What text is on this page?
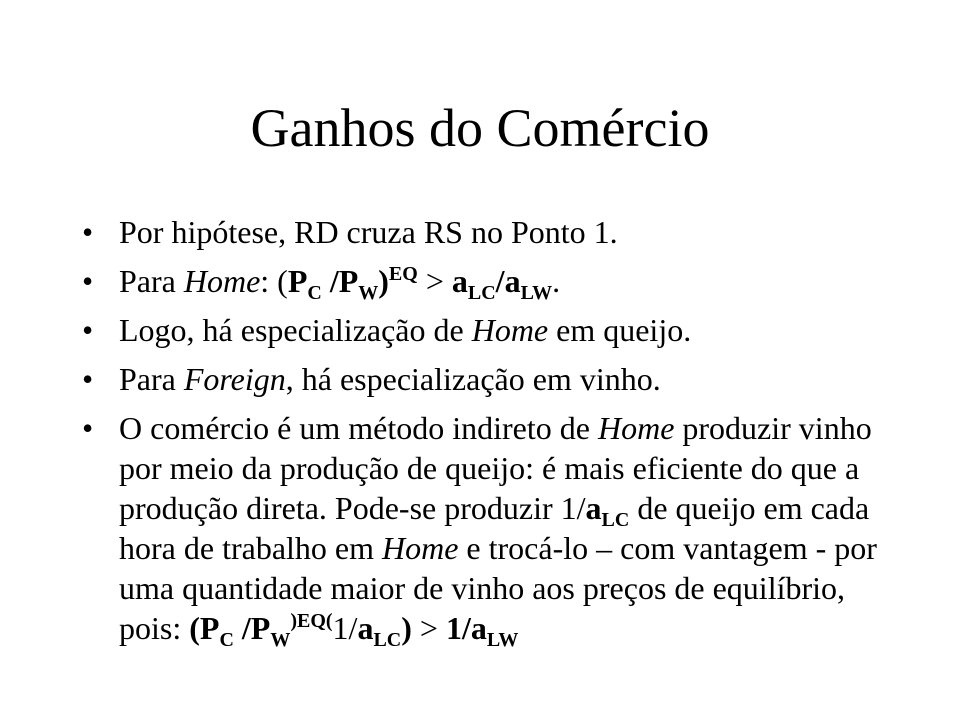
Ganhos do Comércio
• Por hipótese, RD cruza RS no Ponto 1.
• Para Home: ($P_C$ $/P_W)^{EQ} > a_{LC}/a_{LW}$.
• Logo, há especialização de Home em queijo.
• Para Foreign, há especialização em vinho.
• O comércio é um método indireto de Home produzir vinho por meio da produção de queijo: é mais eficiente do que a produção direta. Pode-se produzir $1/a_{LC}$ de queijo em cada hora de trabalho em Home e trocá-lo – com vantagem - por uma quantidade maior de vinho aos preços de equilíbrio, pois: ($P_C$ $/P_W^{)EQ(}1/a_{LC}) > 1/a_{LW}$
